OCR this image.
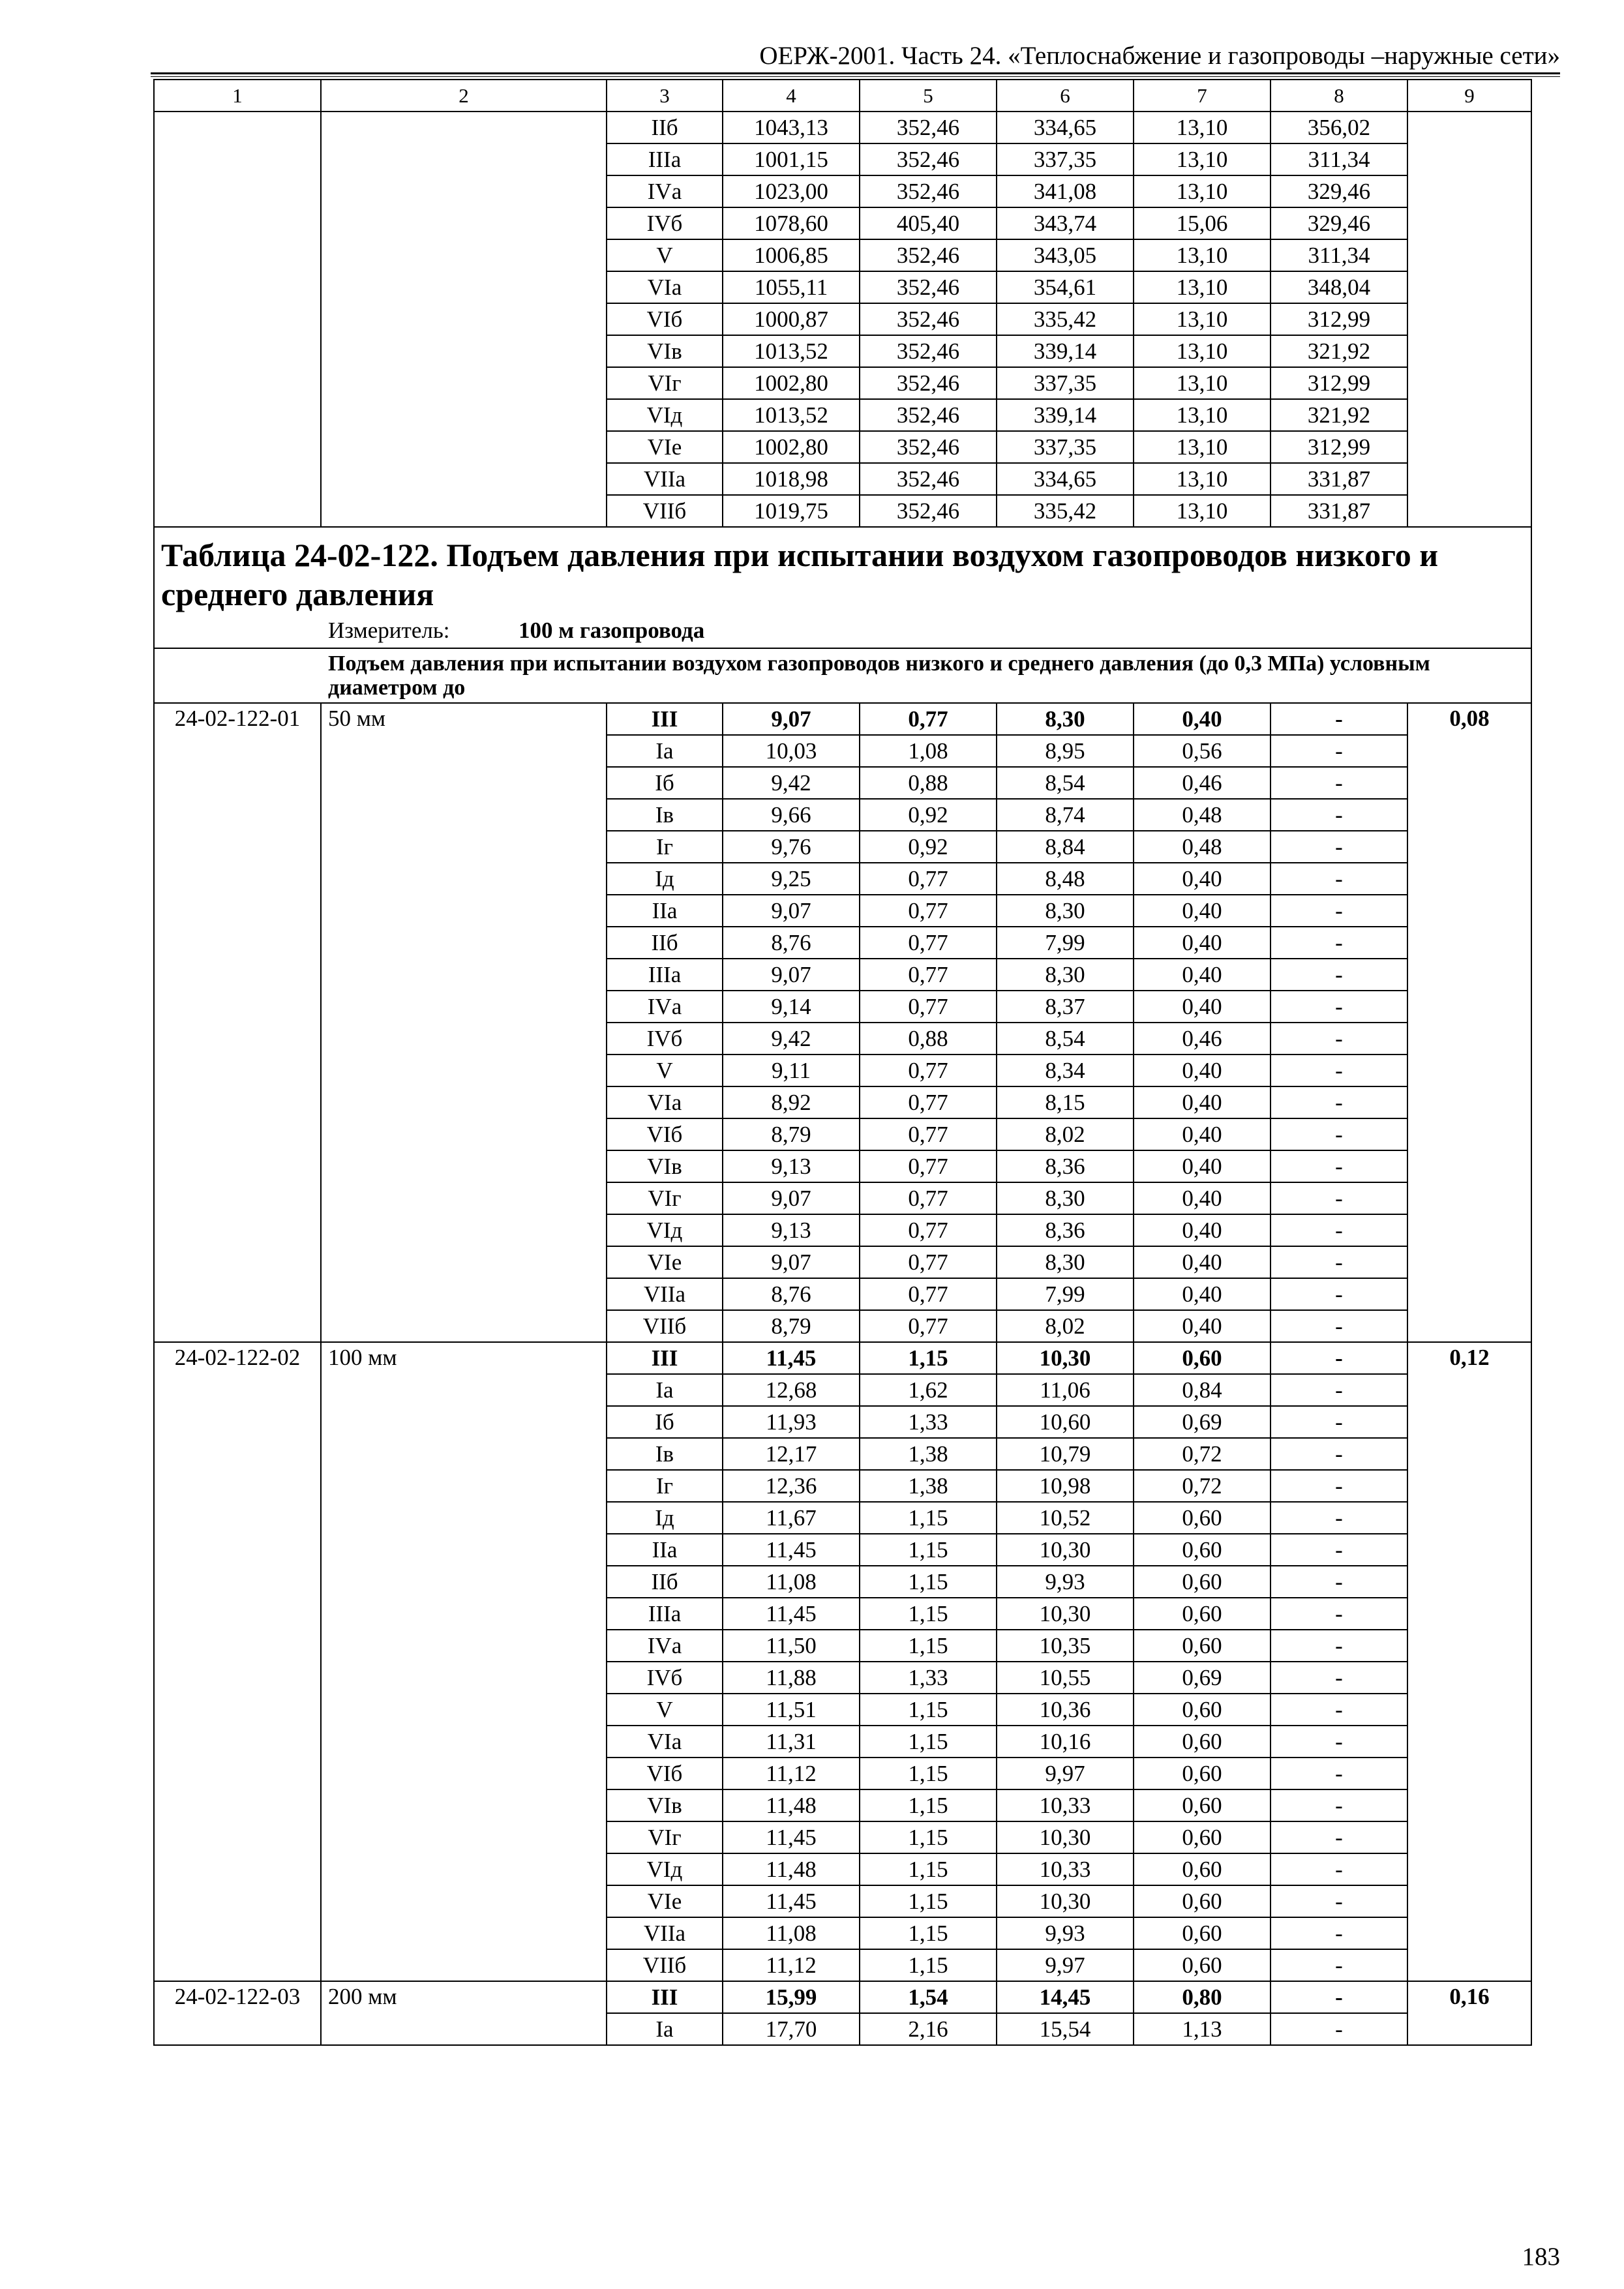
ОЕРЖ-2001. Часть 24. «Теплоснабжение и газопроводы –наружные сети»
1	2	3	4	5	6	7	8	9
		IIб	1043,13	352,46	334,65	13,10	356,02	
		IIIа	1001,15	352,46	337,35	13,10	311,34	
		IVа	1023,00	352,46	341,08	13,10	329,46	
		IVб	1078,60	405,40	343,74	15,06	329,46	
		V	1006,85	352,46	343,05	13,10	311,34	
		VIа	1055,11	352,46	354,61	13,10	348,04	
		VIб	1000,87	352,46	335,42	13,10	312,99	
		VIв	1013,52	352,46	339,14	13,10	321,92	
		VIг	1002,80	352,46	337,35	13,10	312,99	
		VIд	1013,52	352,46	339,14	13,10	321,92	
		VIе	1002,80	352,46	337,35	13,10	312,99	
		VIIа	1018,98	352,46	334,65	13,10	331,87	
		VIIб	1019,75	352,46	335,42	13,10	331,87	

Таблица 24-02-122. Подъем давления при испытании воздухом газопроводов низкого и среднего давления
Измеритель: 100 м газопровода								

Подъем давления при испытании воздухом газопроводов низкого и среднего давления (до 0,3 МПа) условным диаметром до								
24-02-122-01	50 мм	III	9,07	0,77	8,30	0,40	-	0,08
		Iа	10,03	1,08	8,95	0,56	-	
		Iб	9,42	0,88	8,54	0,46	-	
		Iв	9,66	0,92	8,74	0,48	-	
		Iг	9,76	0,92	8,84	0,48	-	
		Iд	9,25	0,77	8,48	0,40	-	
		IIа	9,07	0,77	8,30	0,40	-	
		IIб	8,76	0,77	7,99	0,40	-	
		IIIа	9,07	0,77	8,30	0,40	-	
		IVа	9,14	0,77	8,37	0,40	-	
		IVб	9,42	0,88	8,54	0,46	-	
		V	9,11	0,77	8,34	0,40	-	
		VIа	8,92	0,77	8,15	0,40	-	
		VIб	8,79	0,77	8,02	0,40	-	
		VIв	9,13	0,77	8,36	0,40	-	
		VIг	9,07	0,77	8,30	0,40	-	
		VIд	9,13	0,77	8,36	0,40	-	
		VIе	9,07	0,77	8,30	0,40	-	
		VIIа	8,76	0,77	7,99	0,40	-	
		VIIб	8,79	0,77	8,02	0,40	-	
24-02-122-02	100 мм	III	11,45	1,15	10,30	0,60	-	0,12
		Iа	12,68	1,62	11,06	0,84	-	
		Iб	11,93	1,33	10,60	0,69	-	
		Iв	12,17	1,38	10,79	0,72	-	
		Iг	12,36	1,38	10,98	0,72	-	
		Iд	11,67	1,15	10,52	0,60	-	
		IIа	11,45	1,15	10,30	0,60	-	
		IIб	11,08	1,15	9,93	0,60	-	
		IIIа	11,45	1,15	10,30	0,60	-	
		IVа	11,50	1,15	10,35	0,60	-	
		IVб	11,88	1,33	10,55	0,69	-	
		V	11,51	1,15	10,36	0,60	-	
		VIа	11,31	1,15	10,16	0,60	-	
		VIб	11,12	1,15	9,97	0,60	-	
		VIв	11,48	1,15	10,33	0,60	-	
		VIг	11,45	1,15	10,30	0,60	-	
		VIд	11,48	1,15	10,33	0,60	-	
		VIе	11,45	1,15	10,30	0,60	-	
		VIIа	11,08	1,15	9,93	0,60	-	
		VIIб	11,12	1,15	9,97	0,60	-	
24-02-122-03	200 мм	III	15,99	1,54	14,45	0,80	-	0,16
		Iа	17,70	2,16	15,54	1,13	-	
183
